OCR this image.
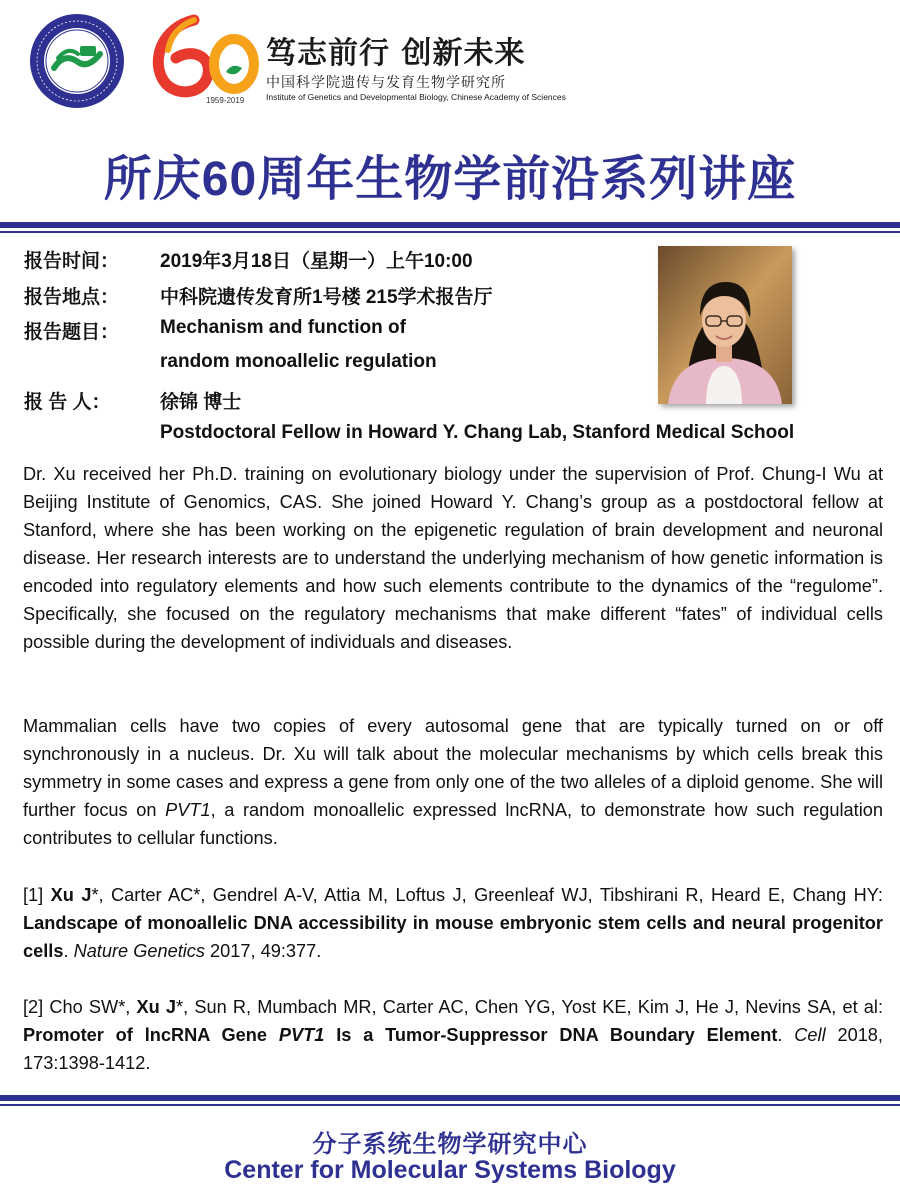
1959-2019
笃志前行 创新未来
中国科学院遗传与发育生物学研究所
Institute of Genetics and Developmental Biology, Chinese Academy of Sciences
所庆60周年生物学前沿系列讲座
报告时间： 2019年3月18日（星期一）上午10:00
报告地点： 中科院遗传发育所1号楼 215学术报告厅
报告题目： Mechanism and function of
random monoallelic regulation
报 告 人：	徐锦 博士
Postdoctoral Fellow in Howard Y. Chang Lab, Stanford Medical School
Dr. Xu received her Ph.D. training on evolutionary biology under the supervision of Prof. Chung-I Wu at Beijing Institute of Genomics, CAS. She joined Howard Y. Chang’s group as a postdoctoral fellow at Stanford, where she has been working on the epigenetic regulation of brain development and neuronal disease. Her research interests are to understand the underlying mechanism of how genetic information is encoded into regulatory elements and how such elements contribute to the dynamics of the “regulome”. Specifically, she focused on the regulatory mechanisms that make different “fates” of individual cells possible during the development of individuals and diseases.
Mammalian cells have two copies of every autosomal gene that are typically turned on or off synchronously in a nucleus. Dr. Xu will talk about the molecular mechanisms by which cells break this symmetry in some cases and express a gene from only one of the two alleles of a diploid genome. She will further focus on PVT1, a random monoallelic expressed lncRNA, to demonstrate how such regulation contributes to cellular functions.
[1] Xu J*, Carter AC*, Gendrel A-V, Attia M, Loftus J, Greenleaf WJ, Tibshirani R, Heard E, Chang HY: Landscape of monoallelic DNA accessibility in mouse embryonic stem cells and neural progenitor cells. Nature Genetics 2017, 49:377.
[2] Cho SW*, Xu J*, Sun R, Mumbach MR, Carter AC, Chen YG, Yost KE, Kim J, He J, Nevins SA, et al: Promoter of lncRNA Gene PVT1 Is a Tumor-Suppressor DNA Boundary Element. Cell 2018, 173:1398-1412.
分子系统生物学研究中心
Center for Molecular Systems Biology
